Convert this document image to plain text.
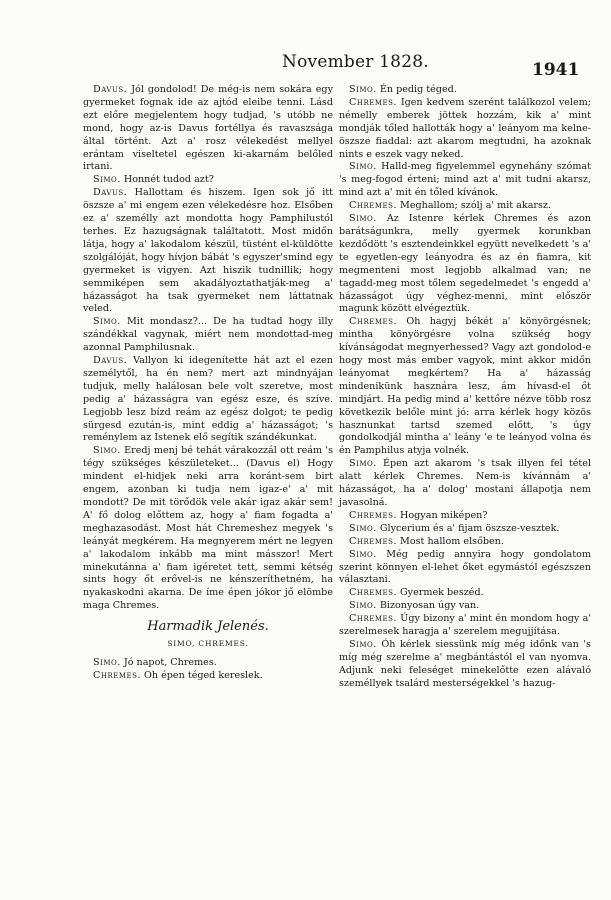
November 1828.	1941

Davus. Jól gondolod! De még-is nem sokára egy gyermeket fognak ide az ajtód eleibe tenni. Lásd ezt előre megjelentem hogy tudjad, 's utóbb ne mond, hogy az-is Davus fortéllya és ravaszsága által történt. Azt a' rosz vélekedést mellyel erántam viseltetel egészen ki-akarnám belőled irtani.

Simo. Honnét tudod azt?

Davus. Hallottam és hiszem. Igen sok jő itt öszsze a' mi engem ezen vélekedésre hoz. Elsőben ez a' személly azt mondotta hogy Pamphilustól terhes. Ez hazugságnak találtatott. Most midőn látja, hogy a' lakodalom készül, tüstént el-küldötte szolgálóját, hogy hívjon bábát 's egyszer'smind egy gyermeket is vigyen. Azt hiszik tudnillik; hogy semmiképen sem akadályoztathatják-meg a' házasságot ha tsak gyermeket nem láttatnak veled.

Simo. Mit mondasz?... De ha tudtad hogy illy szándékkal vagynak, miért nem mondottad-meg azonnal Pamphilusnak.

Davus. Vallyon ki idegenítette hát azt el ezen személytől, ha én nem? mert azt mindnyájan tudjuk, melly halálosan bele volt szeretve, most pedig a' házasságra van egész esze, és szíve. Legjobb lesz bízd reám az egész dolgot; te pedig sürgesd ezután-is, mint eddig a' házasságot; 's reménylem az Istenek elő segítik szándékunkat.

Simo. Eredj menj bé tehát várakozzál ott reám 's tégy szükséges készületeket... (Davus el) Hogy mindent el-hidjek neki arra koránt-sem birt engem, azonban ki tudja nem igaz-e' a' mit mondott? De mit törődök vele akár igaz akár sem! A' fő dolog előttem az, hogy a' fiam fogadta a' meghazasodást. Most hát Chremeshez megyek 's leányát megkérem. Ha megnyerem mért ne legyen a' lakodalom inkább ma mint másszor! Mert minekutánna a' fiam igéretet tett, semmi kétség sints hogy őt erővel-is ne kénszeríthetném, ha nyakaskodni akarna. De íme épen jókor jő elömbe maga Chremes.

Harmadik Jelenés.
SIMO, CHREMES.

Simo. Jó napot, Chremes.

Chremes. Oh épen téged kereslek.

Simo. Én pedig téged.

Chremes. Igen kedvem szerént találkozol velem; némelly emberek jöttek hozzám, kik a' mint mondják tőled hallották hogy a' leányom ma kelne-öszsze fiaddal: azt akarom megtudni, ha azoknak nints e eszek vagy neked.

Simo. Halld-meg figyelemmel egynehány szómat 's meg-fogod érteni; mind azt a' mit tudni akarsz, mind azt a' mit én tőled kívánok.

Chremes. Meghallom; szólj a' mit akarsz.

Simo. Az Istenre kérlek Chremes és azon barátságunkra, melly gyermek korunkban kezdődött 's esztendeinkkel együtt nevelkedett 's a' te egyetlen-egy leányodra és az én fiamra, kit megmenteni most legjobb alkalmad van; ne tagadd-meg most tőlem segedelmedet 's engedd a' házasságot úgy véghez-menni, mint először magunk között elvégeztük.

Chremes. Oh hagyj békét a' könyörgésnek; mintha könyörgésre volna szükség hogy kívánságodat megnyerhessed? Vagy azt gondolod-e hogy most más ember vagyok, mint akkor midőn leányomat megkértem? Ha a' házasság mindenikünk hasznára lesz, ám hívasd-el őt mindjárt. Ha pedig mind a' kettőre nézve több rosz következik belőle mint jó: arra kérlek hogy közös hasznunkat tartsd szemed előtt, 's úgy gondolkodjál mintha a' leány 'e te leányod volna és én Pamphilus atyja volnék.

Simo. Épen azt akarom 's tsak illyen fel tétel alatt kérlek Chremes. Nem-is kívánnám a' házasságot, ha a' dolog' mostani állapotja nem javasolná.

Chremes. Hogyan miképen?

Simo. Glycerium és a' fijam öszsze-vesztek.

Chremes. Most hallom elsőben.

Simo. Még pedig annyira hogy gondolatom szerint könnyen el-lehet őket egymástól egészszen választani.

Chremes. Gyermek beszéd.

Simo. Bizonyosan úgy van.

Chremes. Úgy bizony a' mint én mondom hogy a' szerelmesek haragja a' szerelem megujjítása.

Simo. Óh kérlek siessünk míg még időnk van 's míg még szerelme a' megbántástól el van nyomva. Adjunk neki feleséget minekelőtte ezen alávaló személlyek tsalárd mesterségekkel 's hazug-
